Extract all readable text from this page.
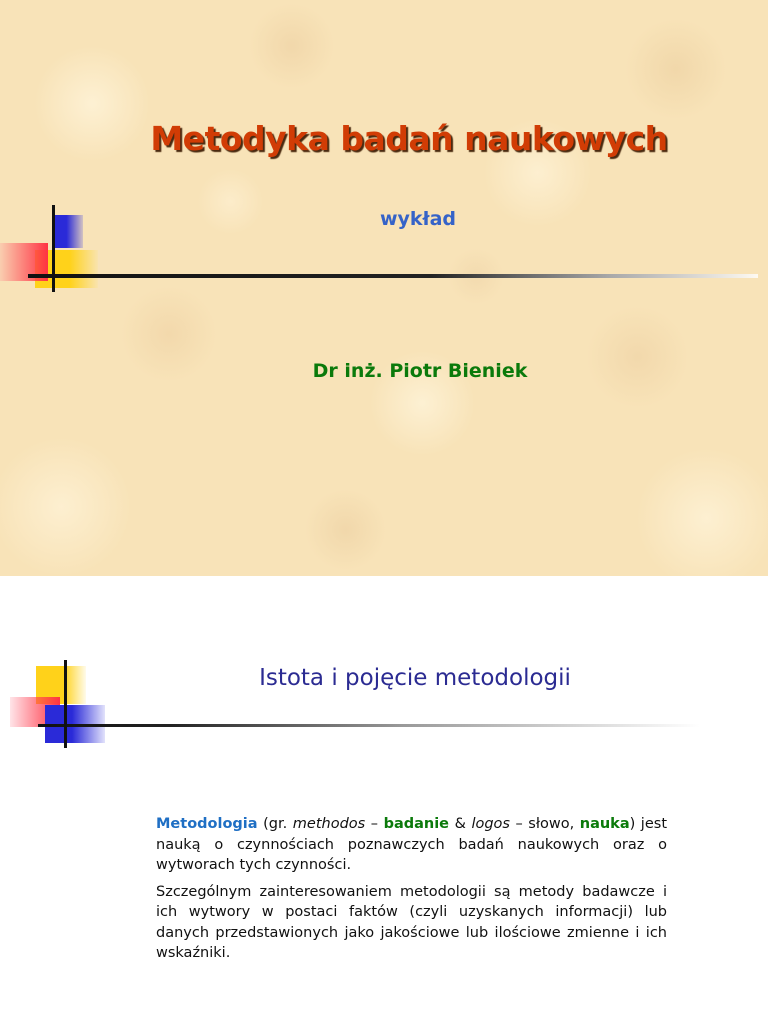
Metodyka badań naukowych
wykład
Dr inż. Piotr Bieniek
Istota i pojęcie metodologii

Metodologia (gr. methodos – badanie & logos – słowo, nauka) jest nauką o czynnościach poznawczych badań naukowych oraz o wytworach tych czynności.

Szczególnym zainteresowaniem metodologii są metody badawcze i ich wytwory w postaci faktów (czyli uzyskanych informacji) lub danych przedstawionych jako jakościowe lub ilościowe zmienne i ich wskaźniki.
